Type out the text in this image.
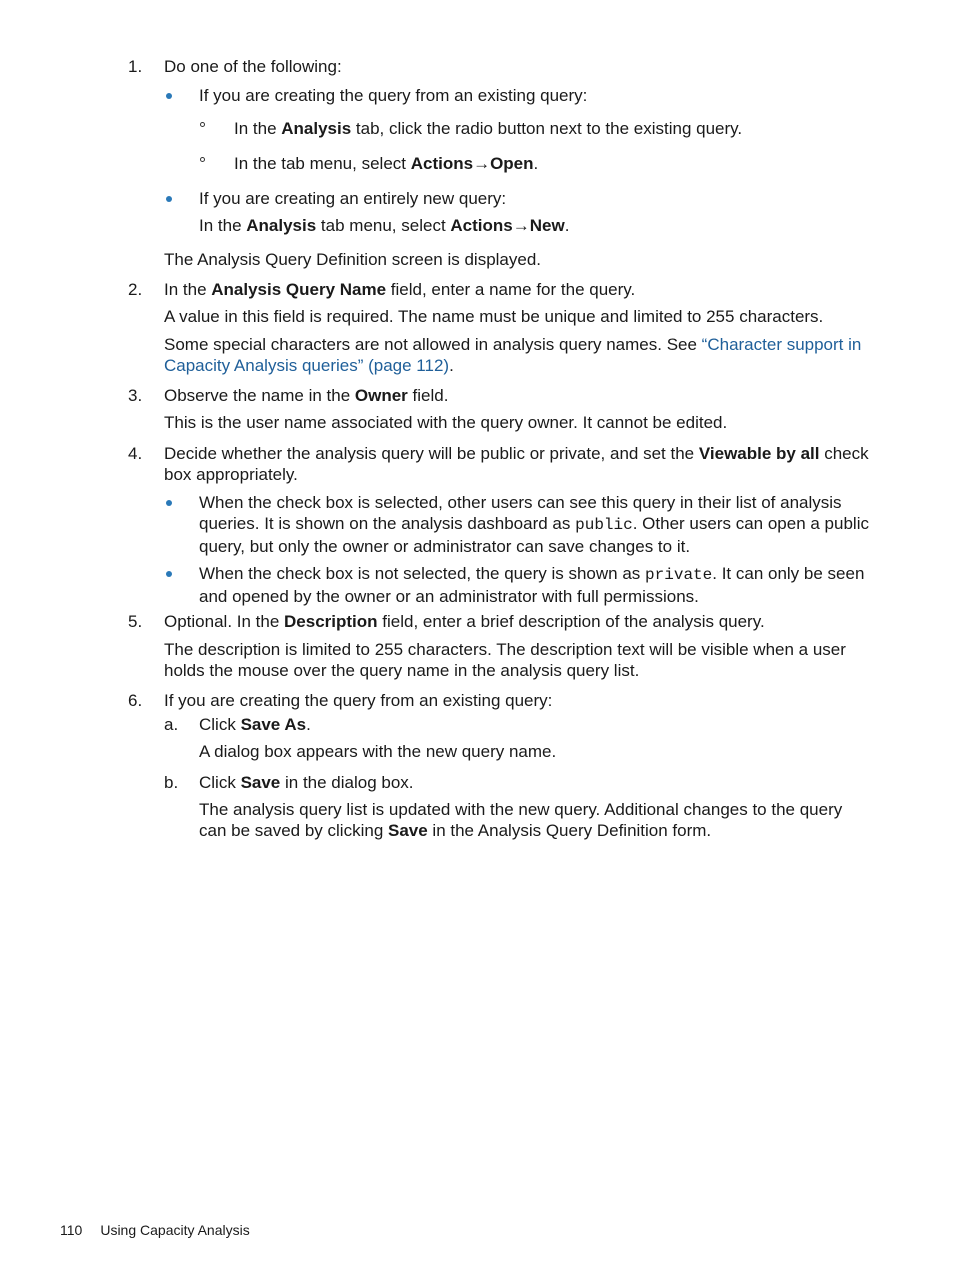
1. Do one of the following:
If you are creating the query from an existing query:
In the Analysis tab, click the radio button next to the existing query.
In the tab menu, select Actions→Open.
If you are creating an entirely new query:
In the Analysis tab menu, select Actions→New.
The Analysis Query Definition screen is displayed.
2. In the Analysis Query Name field, enter a name for the query.
A value in this field is required. The name must be unique and limited to 255 characters.
Some special characters are not allowed in analysis query names. See “Character support in Capacity Analysis queries” (page 112).
3. Observe the name in the Owner field.
This is the user name associated with the query owner. It cannot be edited.
4. Decide whether the analysis query will be public or private, and set the Viewable by all check box appropriately.
When the check box is selected, other users can see this query in their list of analysis queries. It is shown on the analysis dashboard as public. Other users can open a public query, but only the owner or administrator can save changes to it.
When the check box is not selected, the query is shown as private. It can only be seen and opened by the owner or an administrator with full permissions.
5. Optional. In the Description field, enter a brief description of the analysis query.
The description is limited to 255 characters. The description text will be visible when a user holds the mouse over the query name in the analysis query list.
6. If you are creating the query from an existing query:
a. Click Save As.
A dialog box appears with the new query name.
b. Click Save in the dialog box.
The analysis query list is updated with the new query. Additional changes to the query can be saved by clicking Save in the Analysis Query Definition form.
110 Using Capacity Analysis
